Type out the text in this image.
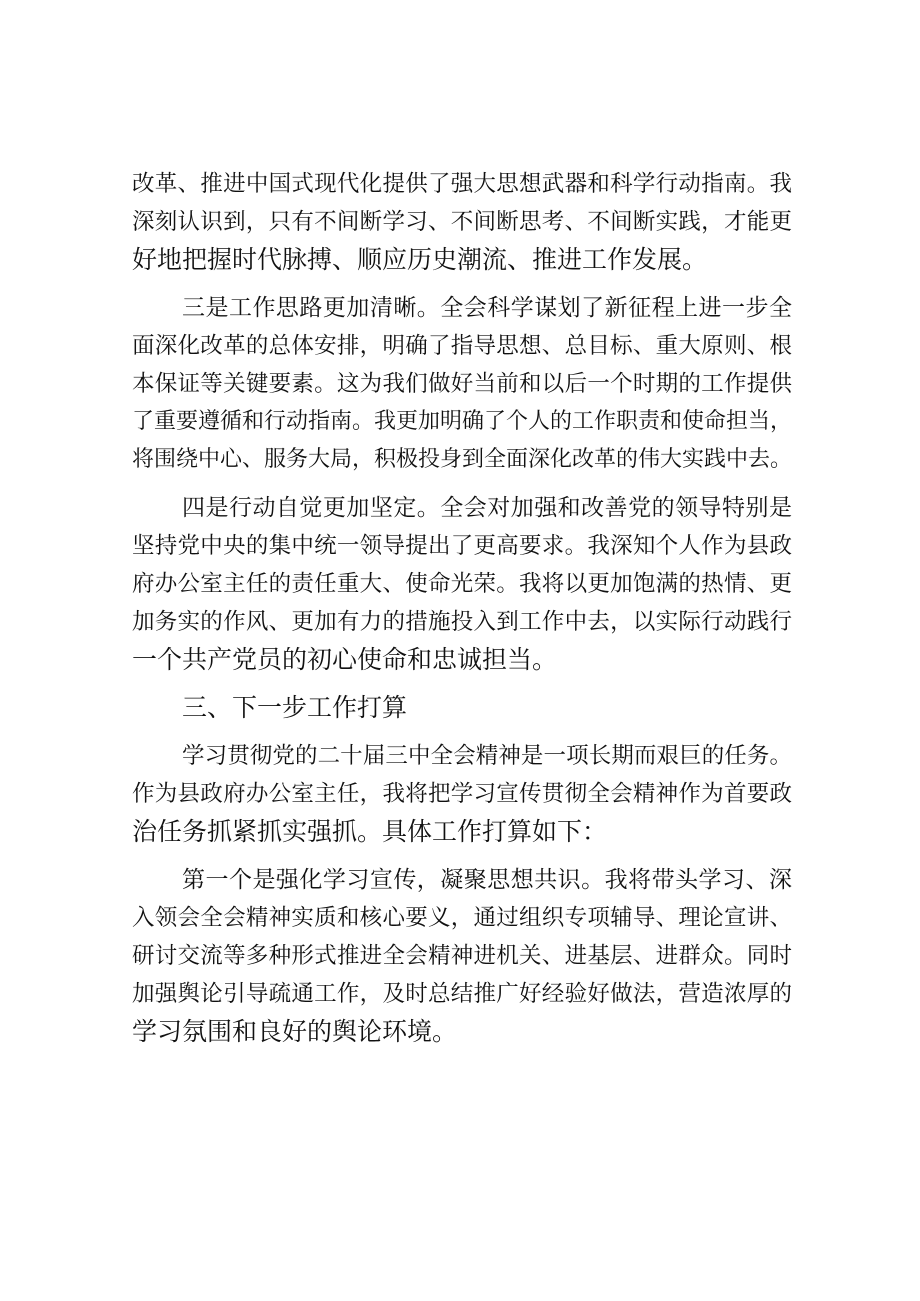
改革、推进中国式现代化提供了强大思想武器和科学行动指南。我
深刻认识到，只有不间断学习、不间断思考、不间断实践，才能更
好地把握时代脉搏、顺应历史潮流、推进工作发展。
三是工作思路更加清晰。全会科学谋划了新征程上进一步全
面深化改革的总体安排，明确了指导思想、总目标、重大原则、根
本保证等关键要素。这为我们做好当前和以后一个时期的工作提供
了重要遵循和行动指南。我更加明确了个人的工作职责和使命担当，
将围绕中心、服务大局，积极投身到全面深化改革的伟大实践中去。
四是行动自觉更加坚定。全会对加强和改善党的领导特别是
坚持党中央的集中统一领导提出了更高要求。我深知个人作为县政
府办公室主任的责任重大、使命光荣。我将以更加饱满的热情、更
加务实的作风、更加有力的措施投入到工作中去，以实际行动践行
一个共产党员的初心使命和忠诚担当。
三、下一步工作打算
学习贯彻党的二十届三中全会精神是一项长期而艰巨的任务。
作为县政府办公室主任，我将把学习宣传贯彻全会精神作为首要政
治任务抓紧抓实强抓。具体工作打算如下：
第一个是强化学习宣传，凝聚思想共识。我将带头学习、深
入领会全会精神实质和核心要义，通过组织专项辅导、理论宣讲、
研讨交流等多种形式推进全会精神进机关、进基层、进群众。同时
加强舆论引导疏通工作，及时总结推广好经验好做法，营造浓厚的
学习氛围和良好的舆论环境。
